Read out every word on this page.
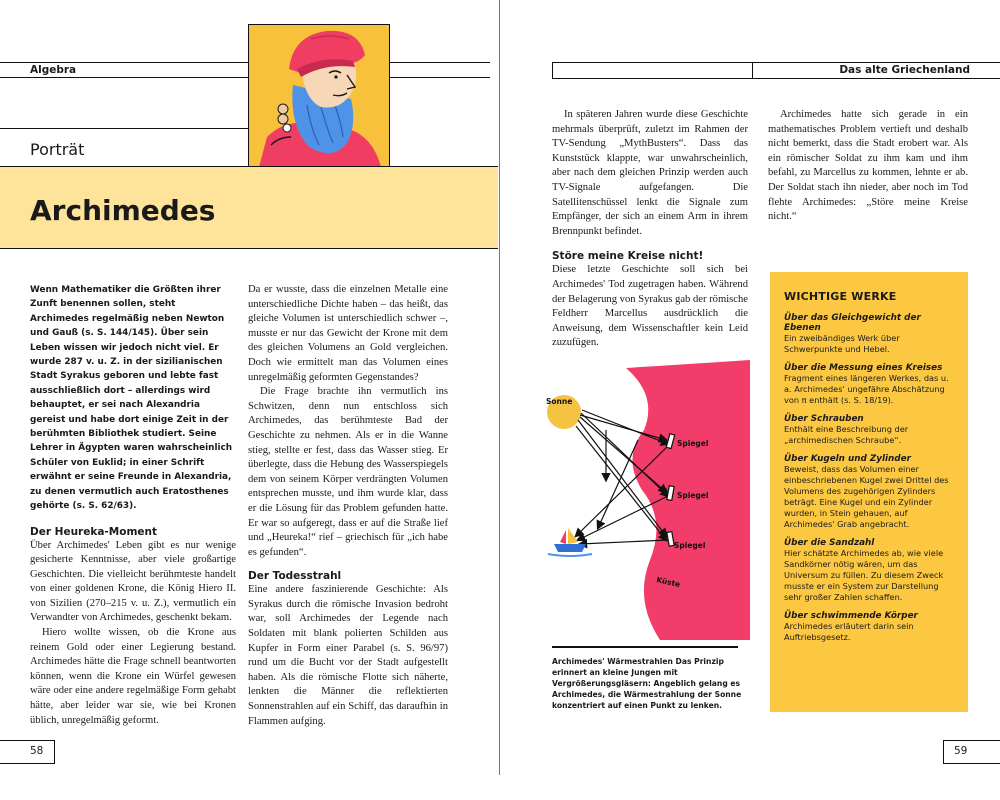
Algebra
Porträt
Archimedes
Wenn Mathematiker die Größten ihrer Zunft benennen sollen, steht Archimedes regelmäßig neben Newton und Gauß (s. S. 144/145). Über sein Leben wissen wir jedoch nicht viel. Er wurde 287 v. u. Z. in der sizilianischen Stadt Syrakus geboren und lebte fast ausschließlich dort – allerdings wird behauptet, er sei nach Alexandria gereist und habe dort einige Zeit in der berühmten Bibliothek studiert. Seine Lehrer in Ägypten waren wahrscheinlich Schüler von Euklid; in einer Schrift erwähnt er seine Freunde in Alexandria, zu denen vermutlich auch Eratosthenes gehörte (s. S. 62/63).
Der Heureka-Moment

Über Archimedes' Leben gibt es nur wenige gesicherte Kenntnisse, aber viele großartige Geschichten. Die vielleicht berühmteste handelt von einer goldenen Krone, die König Hiero II. von Sizilien (270–215 v. u. Z.), vermutlich ein Verwandter von Archimedes, geschenkt bekam.

Hiero wollte wissen, ob die Krone aus reinem Gold oder einer Legierung bestand. Archimedes hätte die Frage schnell beantworten können, wenn die Krone ein Würfel gewesen wäre oder eine andere regelmäßige Form gehabt hätte, aber leider war sie, wie bei Kronen üblich, unregelmäßig geformt.

Da er wusste, dass die einzelnen Metalle eine unterschiedliche Dichte haben – das heißt, das gleiche Volumen ist unterschiedlich schwer –, musste er nur das Gewicht der Krone mit dem des gleichen Volumens an Gold vergleichen. Doch wie ermittelt man das Volumen eines unregelmäßig geformten Gegenstandes?

Die Frage brachte ihn vermutlich ins Schwitzen, denn nun entschloss sich Archimedes, das berühmteste Bad der Geschichte zu nehmen. Als er in die Wanne stieg, stellte er fest, dass das Wasser stieg. Er überlegte, dass die Hebung des Wasserspiegels dem von seinem Körper verdrängten Volumen entsprechen musste, und ihm wurde klar, dass er die Lösung für das Problem gefunden hatte. Er war so aufgeregt, dass er auf die Straße lief und „Heureka!“ rief – griechisch für „ich habe es gefunden“.

Der Todesstrahl

Eine andere faszinierende Geschichte: Als Syrakus durch die römische Invasion bedroht war, soll Archimedes der Legende nach Soldaten mit blank polierten Schilden aus Kupfer in Form einer Parabel (s. S. 96/97) rund um die Bucht vor der Stadt aufgestellt haben. Als die römische Flotte sich näherte, lenkten die Männer die reflektierten Sonnenstrahlen auf ein Schiff, das daraufhin in Flammen aufging.

58
Das alte Griechenland

In späteren Jahren wurde diese Geschichte mehrmals überprüft, zuletzt im Rahmen der TV-Sendung „MythBusters“. Dass das Kunststück klappte, war unwahrscheinlich, aber nach dem gleichen Prinzip werden auch TV-Signale aufgefangen. Die Satellitenschüssel lenkt die Signale zum Empfänger, der sich an einem Arm in ihrem Brennpunkt befindet.

Störe meine Kreise nicht!

Diese letzte Geschichte soll sich bei Archimedes' Tod zugetragen haben. Während der Belagerung von Syrakus gab der römische Feldherr Marcellus ausdrücklich die Anweisung, dem Wissenschaftler kein Leid zuzufügen.

Archimedes hatte sich gerade in ein mathematisches Problem vertieft und deshalb nicht bemerkt, dass die Stadt erobert war. Als ein römischer Soldat zu ihm kam und ihm befahl, zu Marcellus zu kommen, lehnte er ab. Der Soldat stach ihn nieder, aber noch im Tod flehte Archimedes: „Störe meine Kreise nicht.“

Sonne
Spiegel
Spiegel
Spiegel
Küste
Archimedes' Wärmestrahlen Das Prinzip erinnert an kleine Jungen mit Vergrößerungsgläsern: Angeblich gelang es Archimedes, die Wärmestrahlung der Sonne konzentriert auf einen Punkt zu lenken.
WICHTIGE WERKE
Über das Gleichgewicht der Ebenen
Ein zweibändiges Werk über Schwerpunkte und Hebel.
Über die Messung eines Kreises
Fragment eines längeren Werkes, das u. a. Archimedes' ungefähre Abschätzung von π enthält (s. S. 18/19).
Über Schrauben
Enthält eine Beschreibung der „archimedischen Schraube“.
Über Kugeln und Zylinder
Beweist, dass das Volumen einer einbeschriebenen Kugel zwei Drittel des Volumens des zugehörigen Zylinders beträgt. Eine Kugel und ein Zylinder wurden, in Stein gehauen, auf Archimedes' Grab angebracht.
Über die Sandzahl
Hier schätzte Archimedes ab, wie viele Sandkörner nötig wären, um das Universum zu füllen. Zu diesem Zweck musste er ein System zur Darstellung sehr großer Zahlen schaffen.
Über schwimmende Körper
Archimedes erläutert darin sein Auftriebsgesetz.
59
